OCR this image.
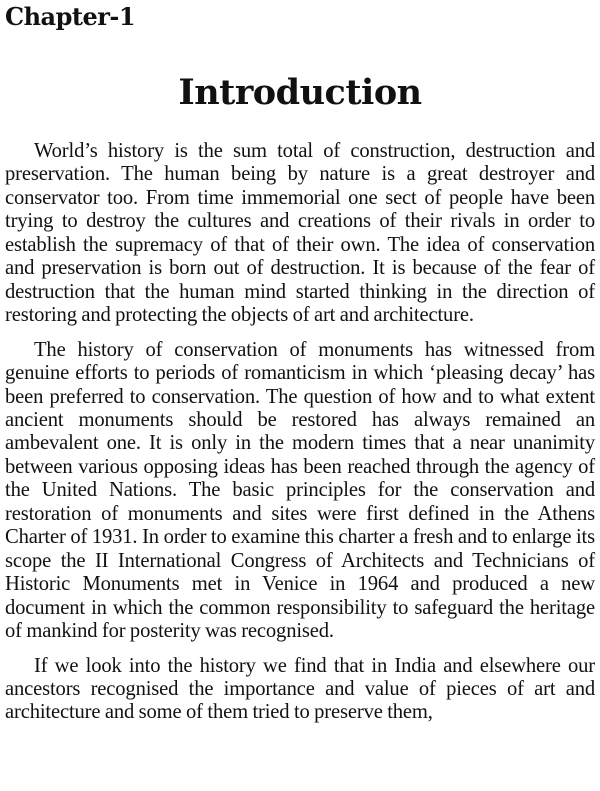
Chapter-1
Introduction

World’s history is the sum total of construction, destruction and preservation. The human being by nature is a great destroyer and conservator too. From time immemorial one sect of people have been trying to destroy the cultures and creations of their rivals in order to establish the supremacy of that of their own. The idea of conservation and preservation is born out of destruction. It is because of the fear of destruction that the human mind started thinking in the direction of restoring and protecting the objects of art and architecture.

The history of conservation of monuments has witnessed from genuine efforts to periods of romanticism in which ‘pleasing decay’ has been preferred to conservation. The question of how and to what extent ancient monuments should be restored has always remained an ambevalent one. It is only in the modern times that a near unanimity between various opposing ideas has been reached through the agency of the United Nations. The basic principles for the conservation and restoration of monuments and sites were first defined in the Athens Charter of 1931. In order to examine this charter a fresh and to enlarge its scope the II International Congress of Architects and Technicians of Historic Monuments met in Venice in 1964 and produced a new document in which the common responsibility to safeguard the heritage of mankind for posterity was recognised.

If we look into the history we find that in India and elsewhere our ancestors recognised the importance and value of pieces of art and architecture and some of them tried to preserve them,
